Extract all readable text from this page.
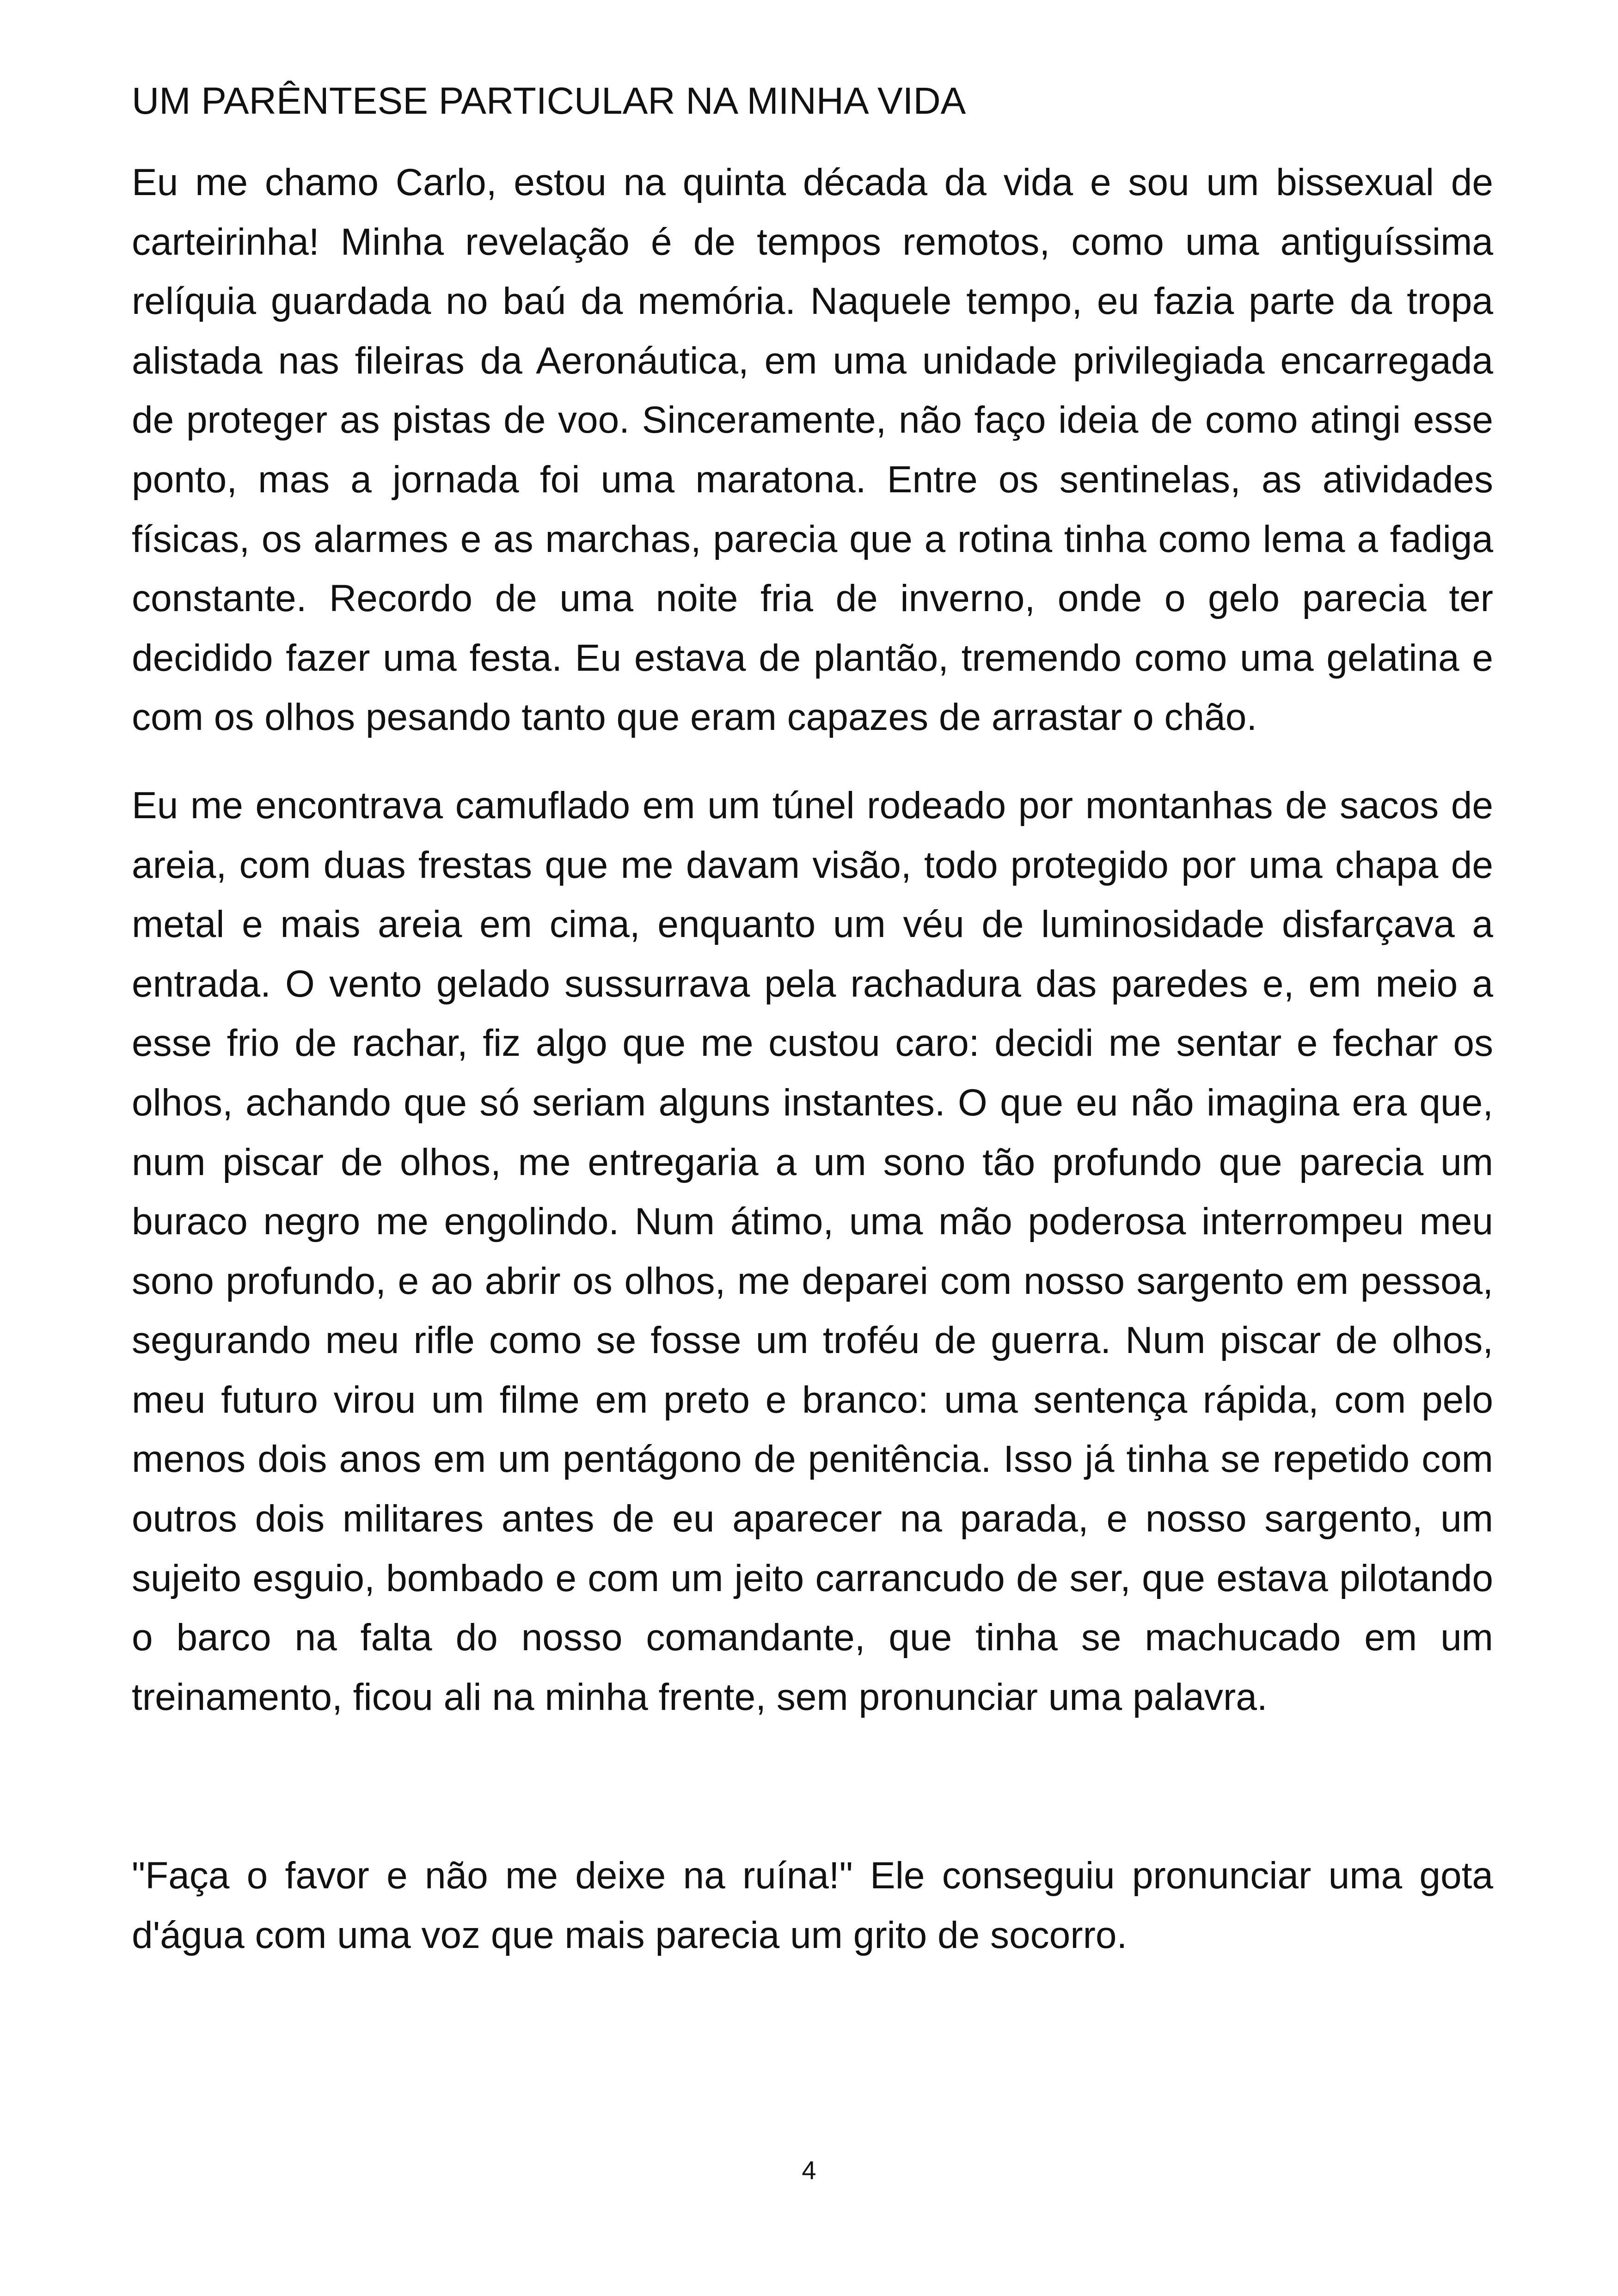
UM PARÊNTESE PARTICULAR NA MINHA VIDA

Eu me chamo Carlo, estou na quinta década da vida e sou um bissexual de carteirinha! Minha revelação é de tempos remotos, como uma antiguíssima relíquia guardada no baú da memória. Naquele tempo, eu fazia parte da tropa alistada nas fileiras da Aeronáutica, em uma unidade privilegiada encarregada de proteger as pistas de voo. Sinceramente, não faço ideia de como atingi esse ponto, mas a jornada foi uma maratona. Entre os sentinelas, as atividades físicas, os alarmes e as marchas, parecia que a rotina tinha como lema a fadiga constante. Recordo de uma noite fria de inverno, onde o gelo parecia ter decidido fazer uma festa. Eu estava de plantão, tremendo como uma gelatina e com os olhos pesando tanto que eram capazes de arrastar o chão.

Eu me encontrava camuflado em um túnel rodeado por montanhas de sacos de areia, com duas frestas que me davam visão, todo protegido por uma chapa de metal e mais areia em cima, enquanto um véu de luminosidade disfarçava a entrada. O vento gelado sussurrava pela rachadura das paredes e, em meio a esse frio de rachar, fiz algo que me custou caro: decidi me sentar e fechar os olhos, achando que só seriam alguns instantes. O que eu não imagina era que, num piscar de olhos, me entregaria a um sono tão profundo que parecia um buraco negro me engolindo. Num átimo, uma mão poderosa interrompeu meu sono profundo, e ao abrir os olhos, me deparei com nosso sargento em pessoa, segurando meu rifle como se fosse um troféu de guerra. Num piscar de olhos, meu futuro virou um filme em preto e branco: uma sentença rápida, com pelo menos dois anos em um pentágono de penitência. Isso já tinha se repetido com outros dois militares antes de eu aparecer na parada, e nosso sargento, um sujeito esguio, bombado e com um jeito carrancudo de ser, que estava pilotando o barco na falta do nosso comandante, que tinha se machucado em um treinamento, ficou ali na minha frente, sem pronunciar uma palavra.

"Faça o favor e não me deixe na ruína!" Ele conseguiu pronunciar uma gota d'água com uma voz que mais parecia um grito de socorro.

4
